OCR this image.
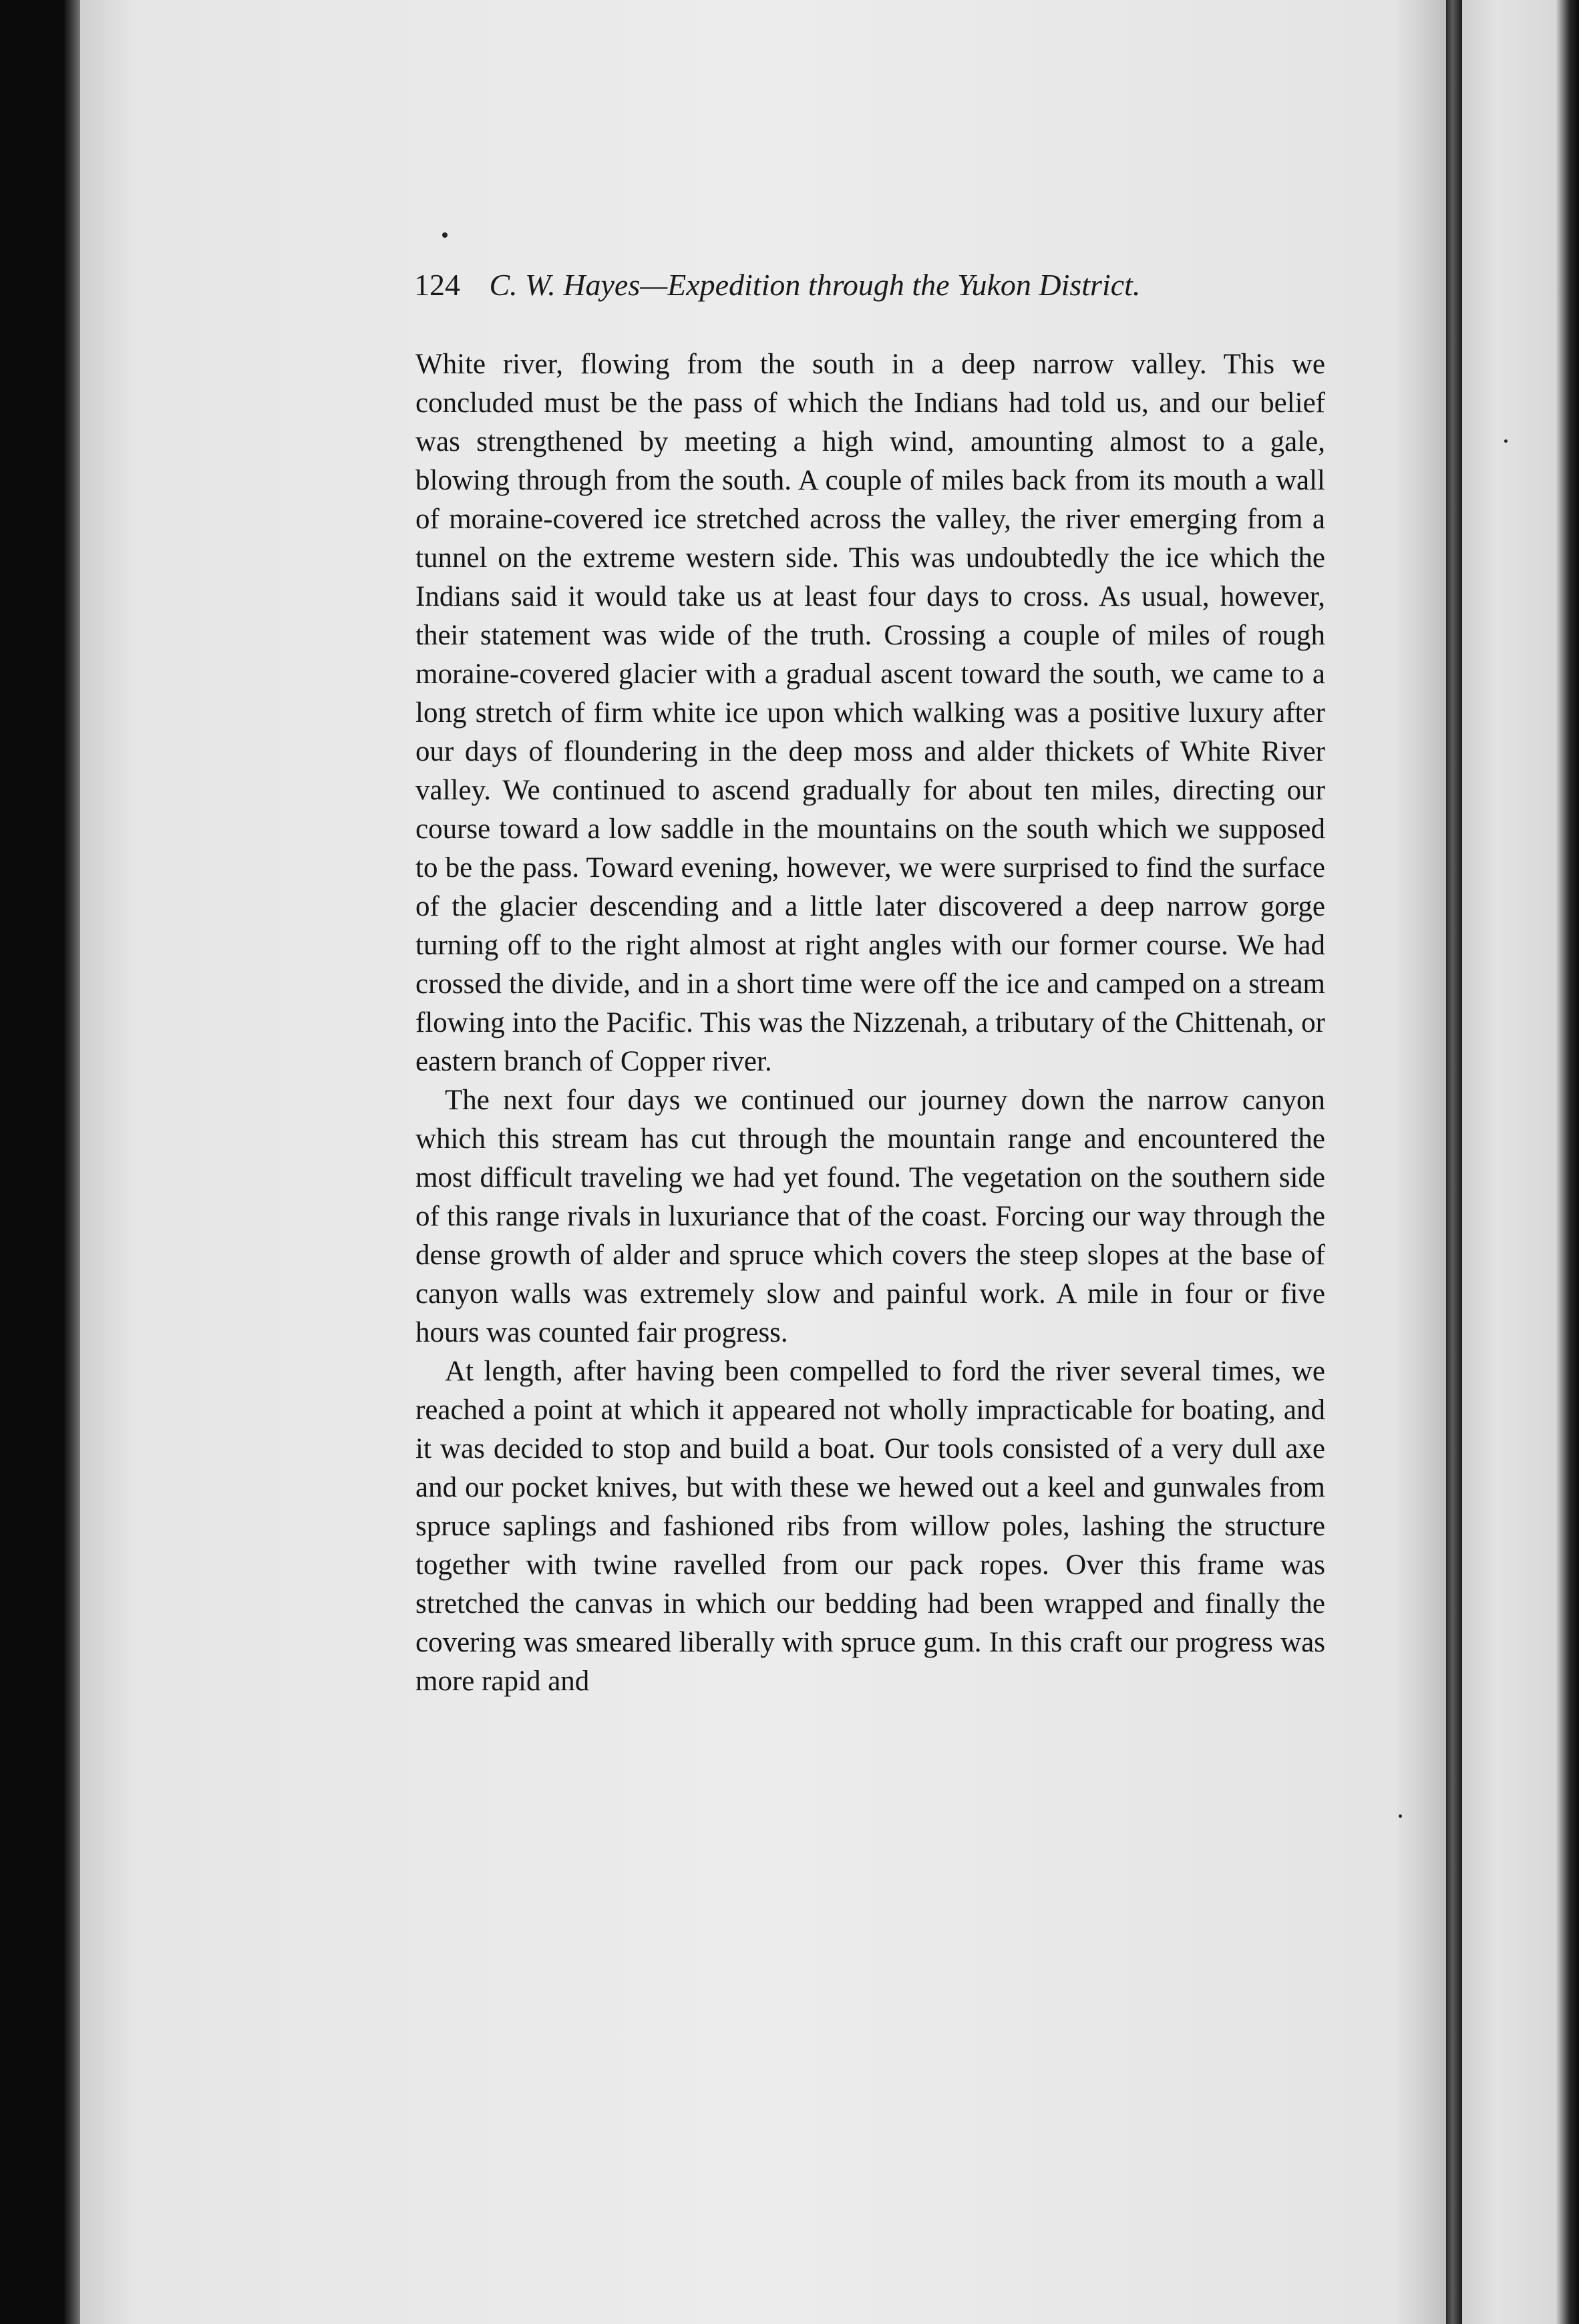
124 C. W. Hayes—Expedition through the Yukon District.

White river, flowing from the south in a deep narrow valley. This we concluded must be the pass of which the Indians had told us, and our belief was strengthened by meeting a high wind, amounting almost to a gale, blowing through from the south. A couple of miles back from its mouth a wall of moraine-covered ice stretched across the valley, the river emerging from a tunnel on the extreme western side. This was undoubtedly the ice which the Indians said it would take us at least four days to cross. As usual, however, their statement was wide of the truth. Crossing a couple of miles of rough moraine-covered glacier with a gradual ascent toward the south, we came to a long stretch of firm white ice upon which walking was a positive luxury after our days of floundering in the deep moss and alder thickets of White River valley. We continued to ascend gradually for about ten miles, directing our course toward a low saddle in the mountains on the south which we supposed to be the pass. Toward evening, however, we were surprised to find the surface of the glacier descending and a little later discovered a deep narrow gorge turning off to the right almost at right angles with our former course. We had crossed the divide, and in a short time were off the ice and camped on a stream flowing into the Pacific. This was the Nizzenah, a tributary of the Chittenah, or eastern branch of Copper river.

The next four days we continued our journey down the narrow canyon which this stream has cut through the mountain range and encountered the most difficult traveling we had yet found. The vegetation on the southern side of this range rivals in luxuriance that of the coast. Forcing our way through the dense growth of alder and spruce which covers the steep slopes at the base of canyon walls was extremely slow and painful work. A mile in four or five hours was counted fair progress.

At length, after having been compelled to ford the river several times, we reached a point at which it appeared not wholly impracticable for boating, and it was decided to stop and build a boat. Our tools consisted of a very dull axe and our pocket knives, but with these we hewed out a keel and gunwales from spruce saplings and fashioned ribs from willow poles, lashing the structure together with twine ravelled from our pack ropes. Over this frame was stretched the canvas in which our bedding had been wrapped and finally the covering was smeared liberally with spruce gum. In this craft our progress was more rapid and
